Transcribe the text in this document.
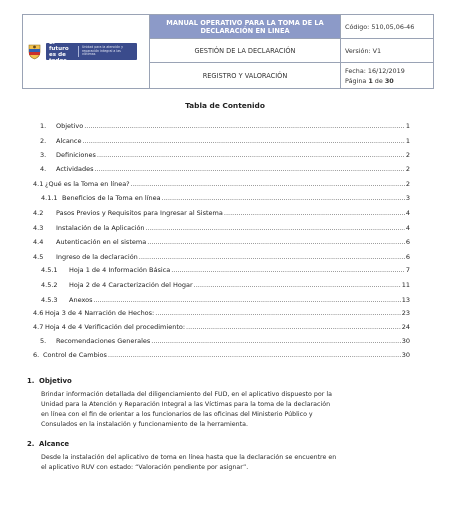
El futuro es de todos
Unidad para la atención y reparación integral a las víctimas	MANUAL OPERATIVO PARA LA TOMA DE LA DECLARACIÓN EN LINEA	Código: 510,05,06-46
	GESTIÓN DE LA DECLARACIÓN	Versión: V1
	REGISTRO Y VALORACIÓN	Fecha: 16/12/2019
Página 1 de 30
Tabla de Contenido
1.	Objetivo .....	1
2.	Alcance .....	1
3.	Definiciones .....	2
4.	Actividades .....	2
4.1 ¿Qué es la Toma en línea? .....	2
4.1.1 Beneficios de la Toma en línea .....	3
4.2	Pasos Previos y Requisitos para Ingresar al Sistema .....	4
4.3	Instalación de la Aplicación .....	4
4.4	Autenticación en el sistema .....	6
4.5	Ingreso de la declaración .....	6
4.5.1	Hoja 1 de 4 Información Básica .....	7
4.5.2	Hoja 2 de 4 Caracterización del Hogar .....	11
4.5.3	Anexos .....	13
4.6 Hoja 3 de 4 Narración de Hechos: .....	23
4.7 Hoja 4 de 4 Verificación del procedimiento: .....	24
5.	Recomendaciones Generales .....	30
6. Control de Cambios .....	30
1. Objetivo
Brindar información detallada del diligenciamiento del FUD, en el aplicativo dispuesto por la
Unidad para la Atención y Reparación Integral a las Víctimas para la toma de la declaración
en línea con el fin de orientar a los funcionarios de las oficinas del Ministerio Público y
Consulados en la instalación y funcionamiento de la herramienta.
2. Alcance
Desde la instalación del aplicativo de toma en línea hasta que la declaración se encuentre en
el aplicativo RUV con estado: “Valoración pendiente por asignar”.
